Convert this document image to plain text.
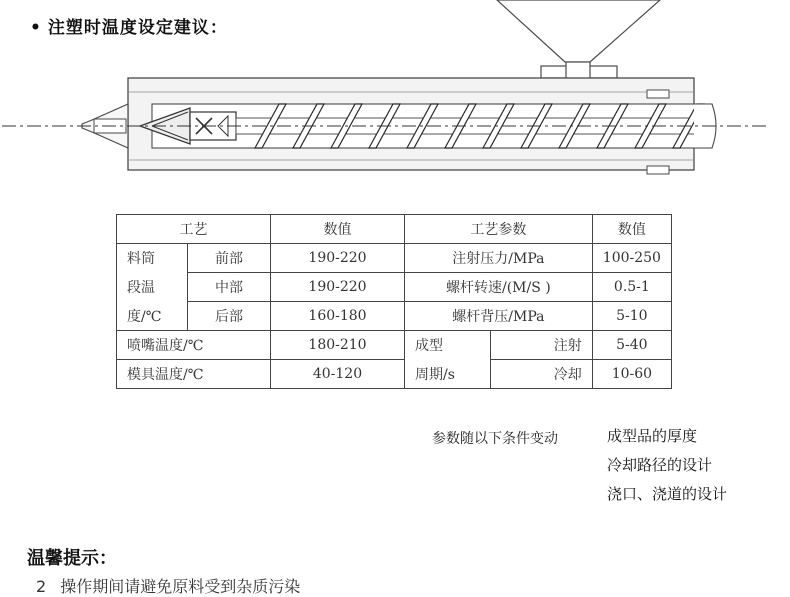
• 注塑时温度设定建议：
工艺		数值	工艺参数		数值
料筒	前部	190-220	注射压力/MPa		100-250
段温	中部	190-220	螺杆转速/(M/S )		0.5-1
度/℃	后部	160-180	螺杆背压/MPa		5-10
喷嘴温度/℃		180-210	成型	注射	5-40
模具温度/℃		40-120	周期/s	冷却	10-60
参数随以下条件变动	成型品的厚度
冷却路径的设计
浇口、浇道的设计
温馨提示：
2 操作期间请避免原料受到杂质污染
